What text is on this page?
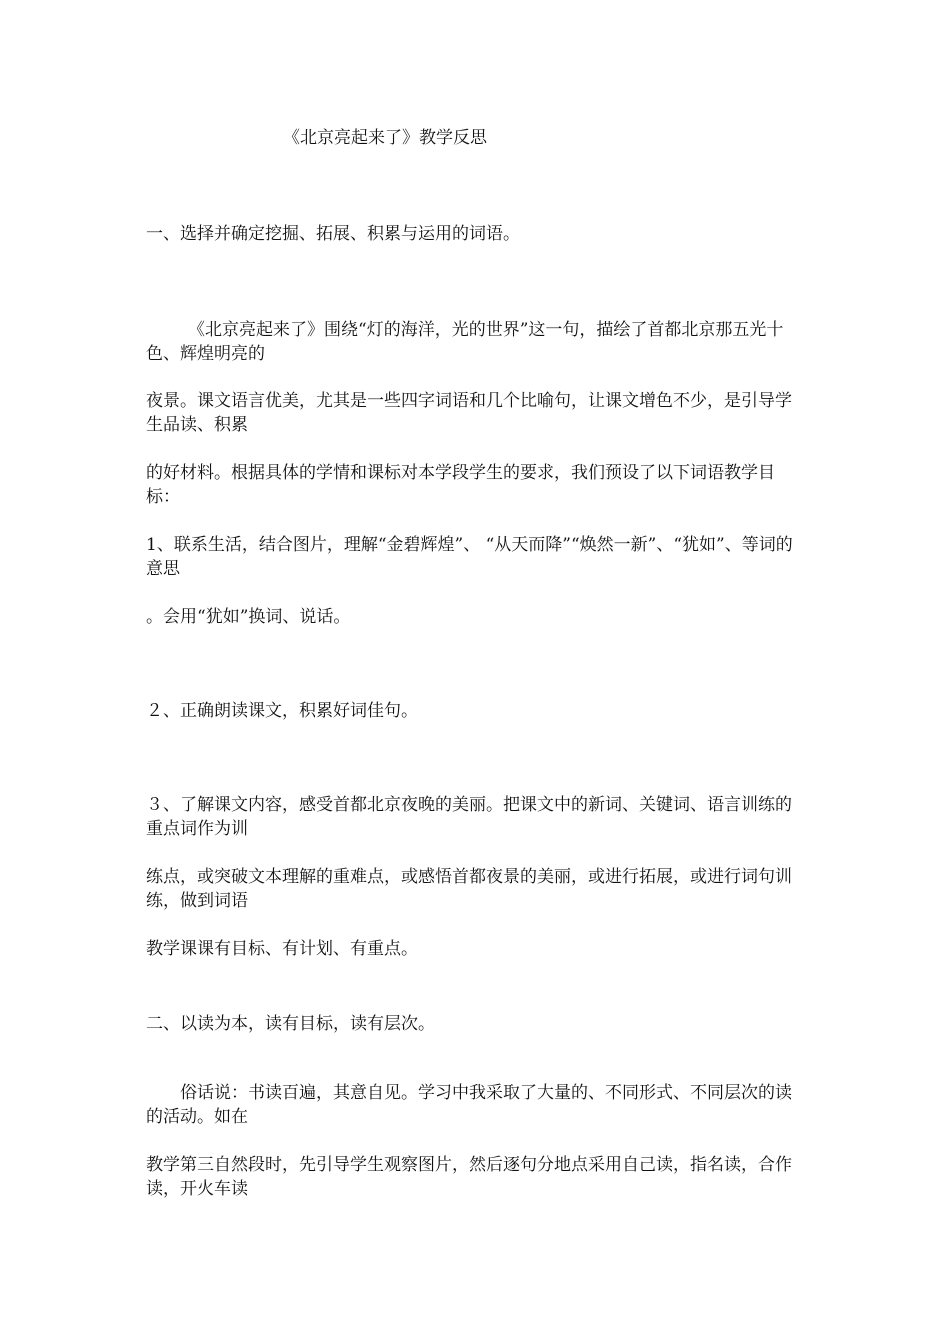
《北京亮起来了》教学反思
一、选择并确定挖掘、拓展、积累与运用的词语。
《北京亮起来了》围绕“灯的海洋，光的世界”这一句，描绘了首都北京那五光十色、辉煌明亮的
夜景。课文语言优美，尤其是一些四字词语和几个比喻句，让课文增色不少，是引导学生品读、积累
的好材料。根据具体的学情和课标对本学段学生的要求，我们预设了以下词语教学目标：
1、联系生活，结合图片，理解“金碧辉煌”、 “从天而降”“焕然一新”、“犹如”、等词的意思
。会用“犹如”换词、说话。
２、正确朗读课文，积累好词佳句。
３、了解课文内容，感受首都北京夜晚的美丽。把课文中的新词、关键词、语言训练的重点词作为训
练点，或突破文本理解的重难点，或感悟首都夜景的美丽，或进行拓展，或进行词句训练，做到词语
教学课课有目标、有计划、有重点。
二、以读为本，读有目标，读有层次。
俗话说：书读百遍，其意自见。学习中我采取了大量的、不同形式、不同层次的读的活动。如在
教学第三自然段时，先引导学生观察图片，然后逐句分地点采用自己读，指名读，合作读，开火车读
